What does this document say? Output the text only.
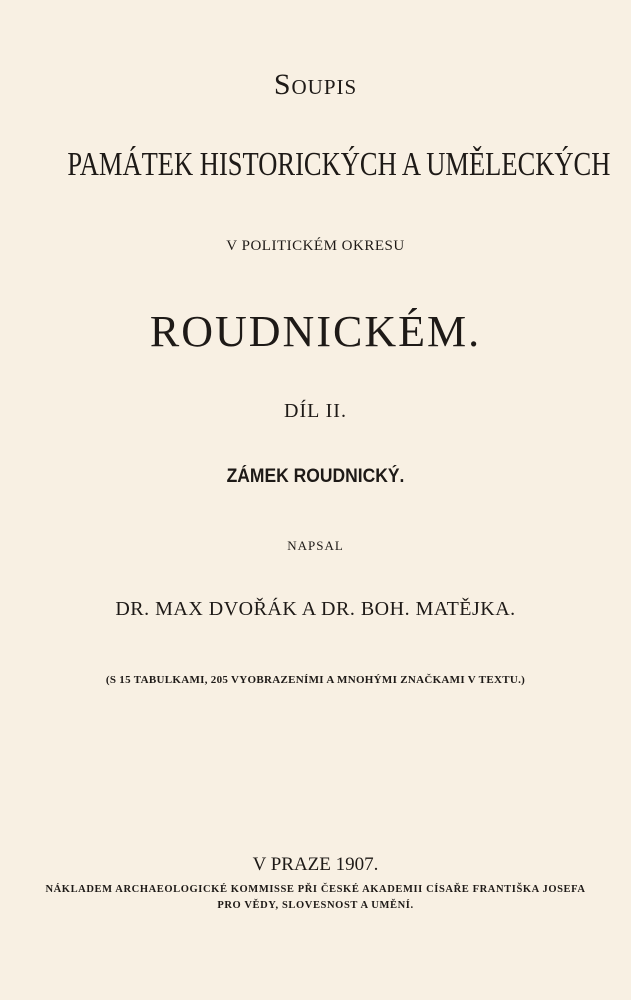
Soupis
PAMÁTEK HISTORICKÝCH A UMĚLECKÝCH
V POLITICKÉM OKRESU
ROUDNICKÉM.
DÍL II.
ZÁMEK ROUDNICKÝ.
NAPSAL
DR. MAX DVOŘÁK A DR. BOH. MATĚJKA.
(S 15 TABULKAMI, 205 VYOBRAZENÍMI A MNOHÝMI ZNAČKAMI V TEXTU.)
V PRAZE 1907.
NÁKLADEM ARCHAEOLOGICKÉ KOMMISSE PŘI ČESKÉ AKADEMII CÍSAŘE FRANTIŠKA JOSEFA
PRO VĚDY, SLOVESNOST A UMĚNÍ.
